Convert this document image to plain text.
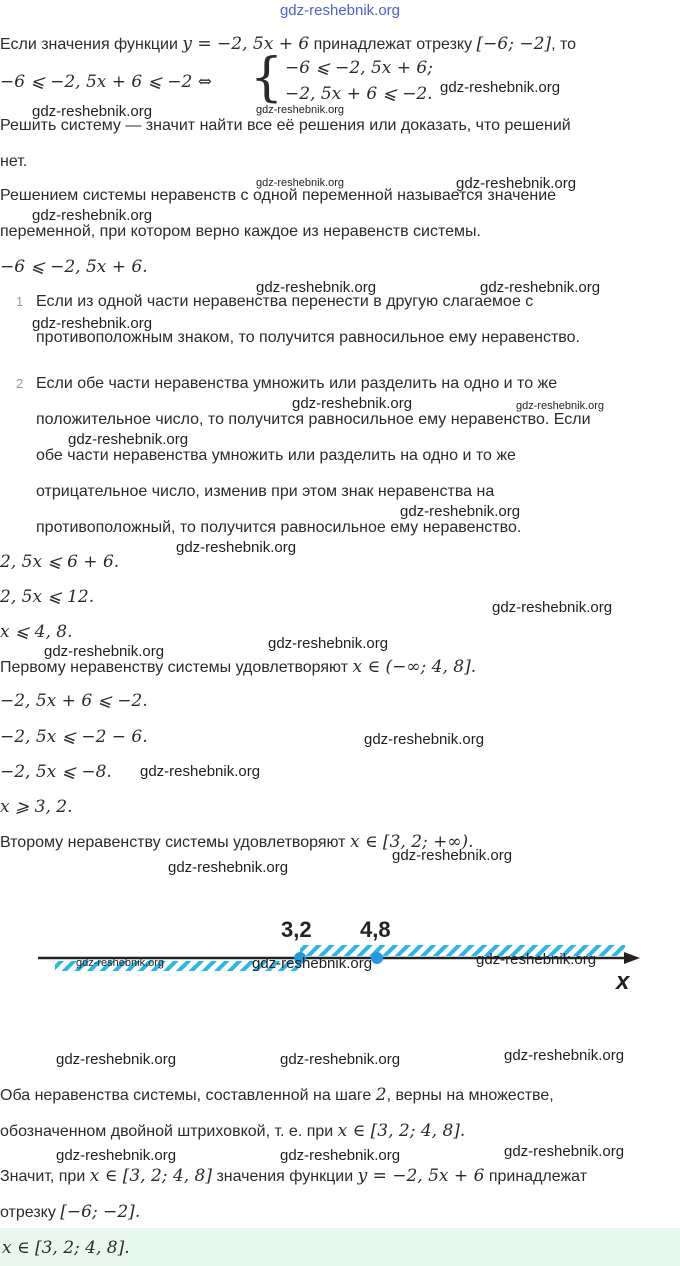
gdz-reshebnik.org
Если значения функции y = −2, 5x + 6 принадлежат отрезку [−6; −2], то
−6 ⩽ −2, 5x + 6 ⩽ −2 ⇔ { −6 ⩽ −2, 5x + 6;
−2, 5x + 6 ⩽ −2.
Решить систему — значит найти все её решения или доказать, что решений
нет.
Решением системы неравенств с одной переменной называется значение
переменной, при котором верно каждое из неравенств системы.
−6 ⩽ −2, 5x + 6.
1 Если из одной части неравенства перенести в другую слагаемое с
противоположным знаком, то получится равносильное ему неравенство.
2 Если обе части неравенства умножить или разделить на одно и то же
положительное число, то получится равносильное ему неравенство. Если
обе части неравенства умножить или разделить на одно и то же
отрицательное число, изменив при этом знак неравенства на
противоположный, то получится равносильное ему неравенство.
2, 5x ⩽ 6 + 6.
2, 5x ⩽ 12.
x ⩽ 4, 8.
Первому неравенству системы удовлетворяют x ∈ (−∞; 4, 8].
−2, 5x + 6 ⩽ −2.
−2, 5x ⩽ −2 − 6.
−2, 5x ⩽ −8.
x ⩾ 3, 2.
Второму неравенству системы удовлетворяют x ∈ [3, 2; +∞).
3,2 4,8
x
Оба неравенства системы, составленной на шаге 2, верны на множестве,
обозначенном двойной штриховкой, т. е. при x ∈ [3, 2; 4, 8].
Значит, при x ∈ [3, 2; 4, 8] значения функции y = −2, 5x + 6 принадлежат
отрезку [−6; −2].
x ∈ [3, 2; 4, 8].
gdz-reshebnik.org
gdz-reshebnik.org	gdz-reshebnik.org
gdz-reshebnik.org	gdz-reshebnik.org
gdz-reshebnik.org
gdz-reshebnik.org	gdz-reshebnik.org
gdz-reshebnik.org
gdz-reshebnik.org	gdz-reshebnik.org
gdz-reshebnik.org
gdz-reshebnik.org
gdz-reshebnik.org
gdz-reshebnik.org
gdz-reshebnik.org
gdz-reshebnik.org
gdz-reshebnik.org
gdz-reshebnik.org
gdz-reshebnik.org
gdz-reshebnik.org
gdz-reshebnik.org	gdz-reshebnik.org	gdz-reshebnik.org
gdz-reshebnik.org	gdz-reshebnik.org	gdz-reshebnik.org
gdz-reshebnik.org	gdz-reshebnik.org	gdz-reshebnik.org
